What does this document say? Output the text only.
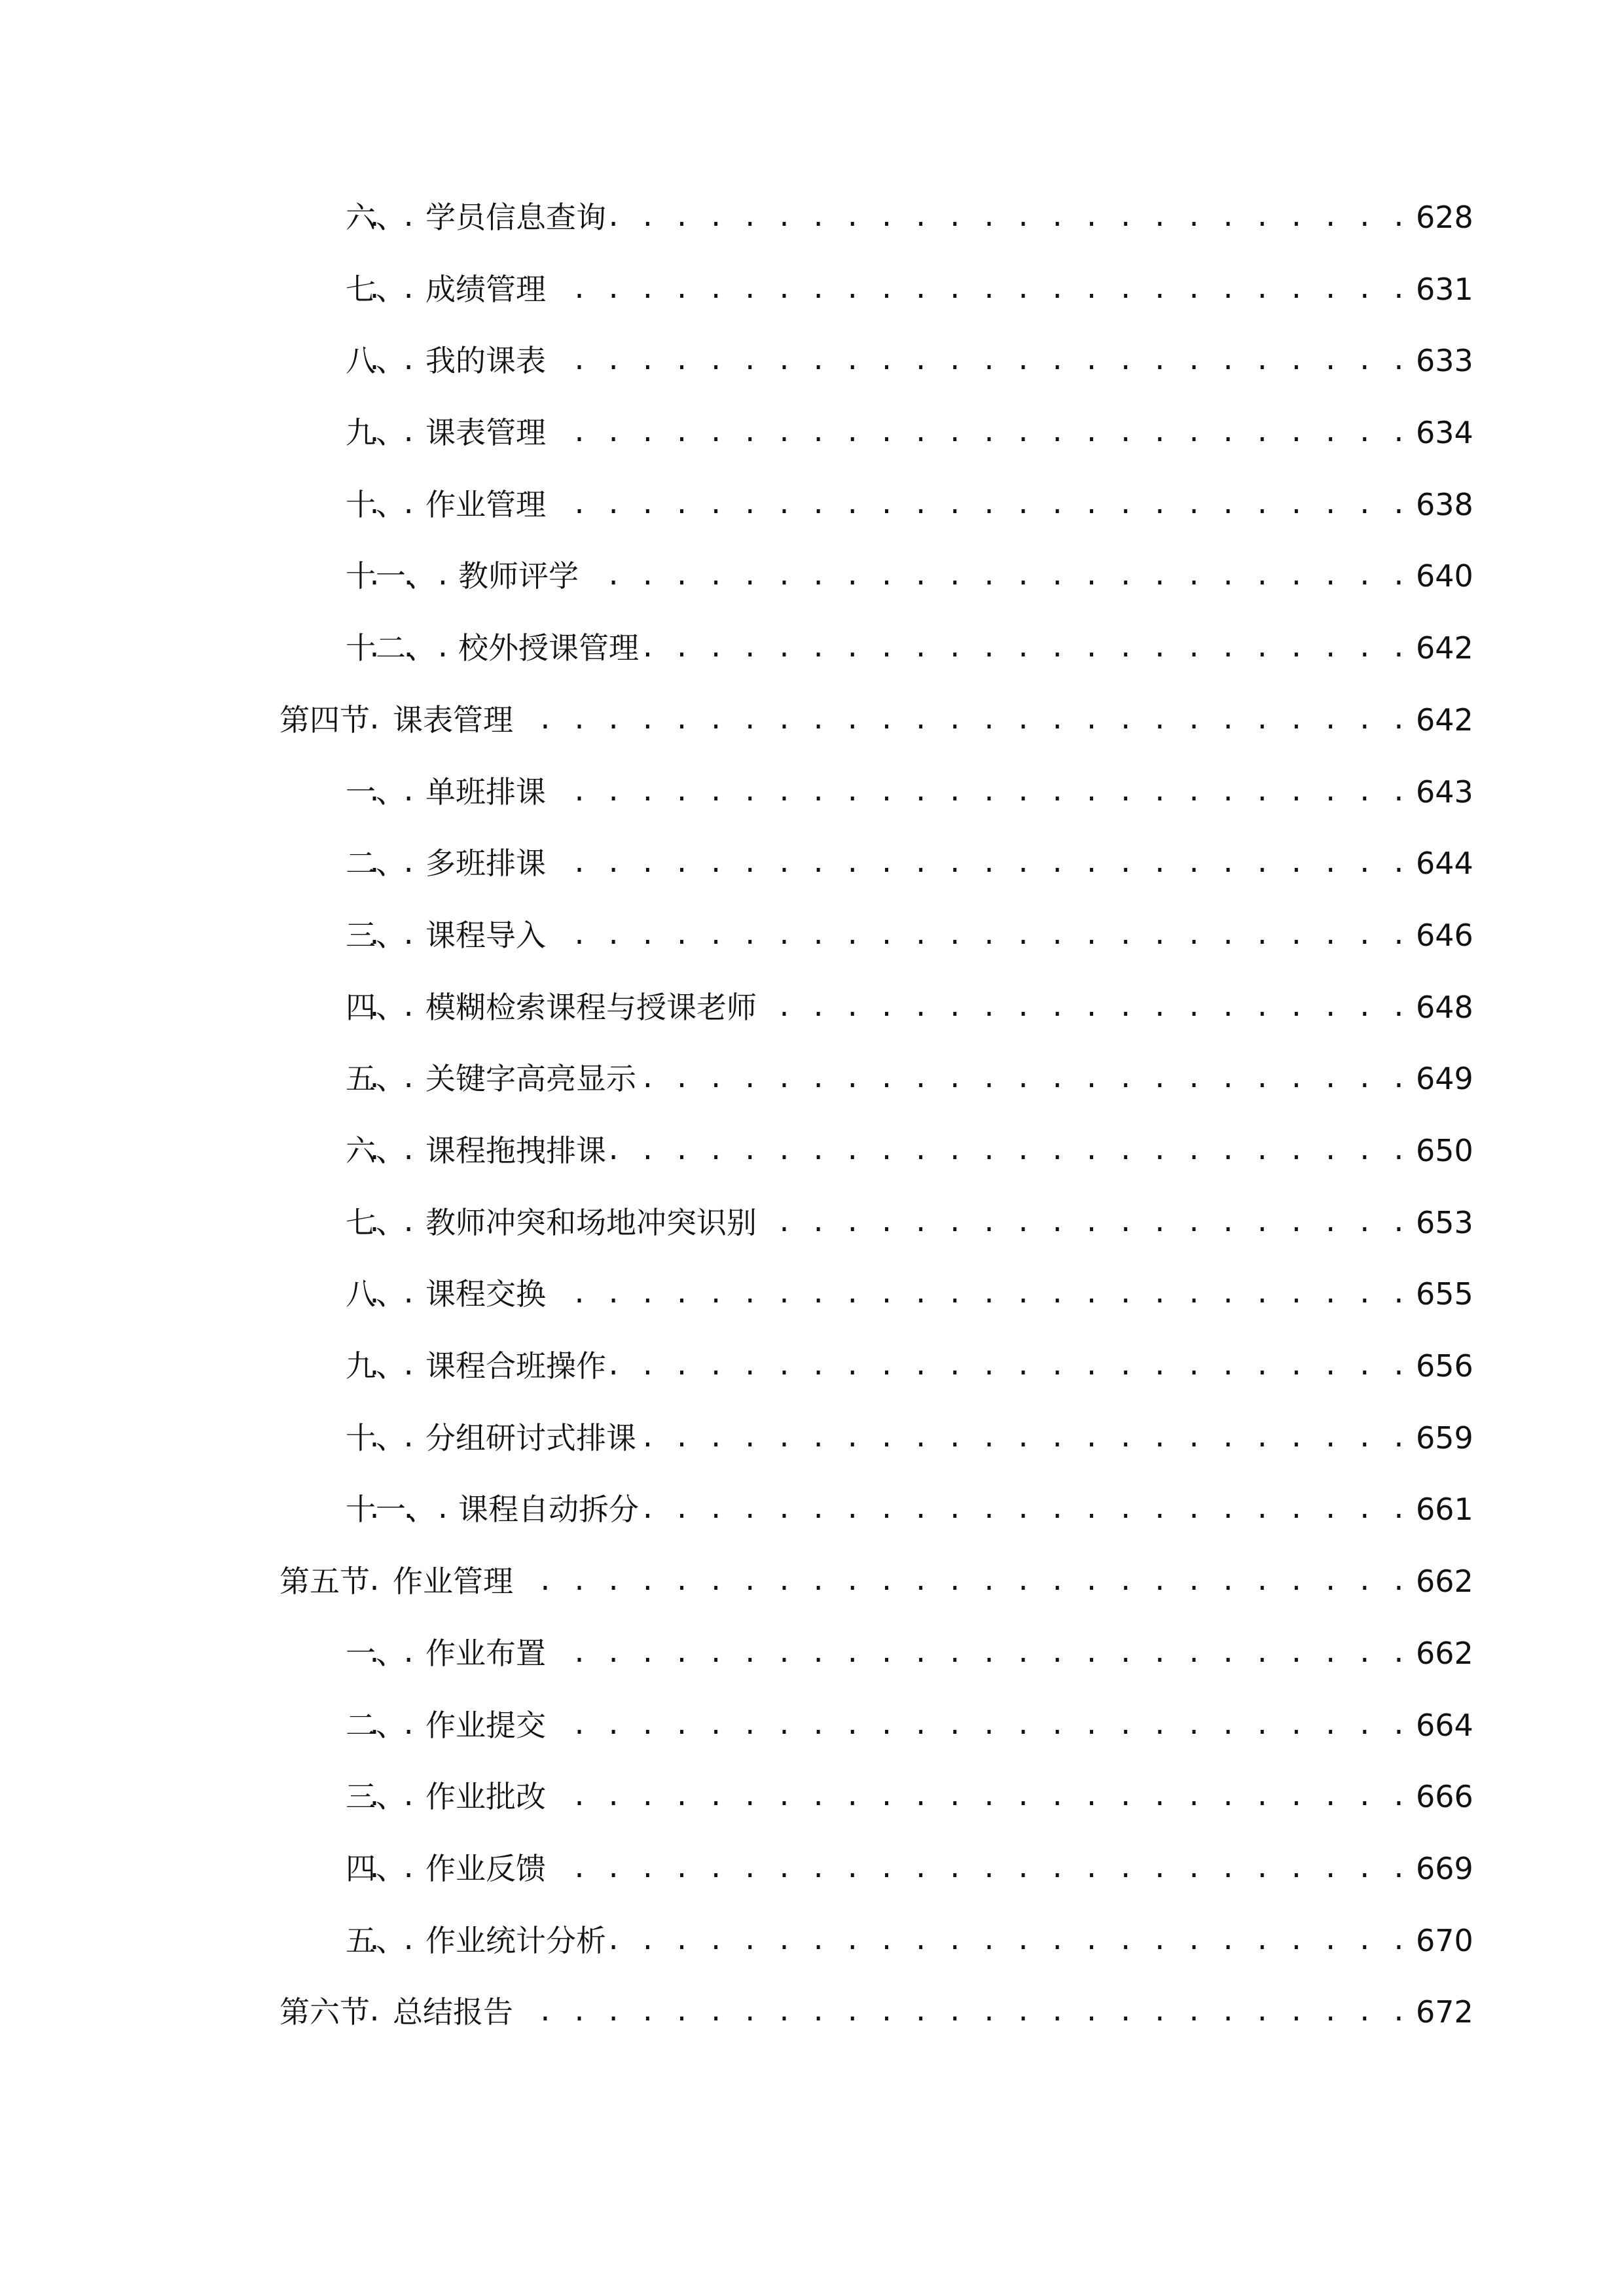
六、 . . . 学员信息查询	628
七、 . . . 成绩管理	631
八、 . . . 我的课表	633
九、 . . . 课表管理	634
十、 . . . 作业管理	638
十一、 . . . 教师评学	640
十二、 . . . 校外授课管理	642
第四节 . . . 课表管理	642
一、 . . . 单班排课	643
二、 . . . 多班排课	644
三、 . . . 课程导入	646
四、 . . . 模糊检索课程与授课老师	648
五、 . . . 关键字高亮显示	649
六、 . . . 课程拖拽排课	650
七、 . . . 教师冲突和场地冲突识别	653
八、 . . . 课程交换	655
九、 . . . 课程合班操作	656
十、 . . . 分组研讨式排课	659
十一、 . . . 课程自动拆分	661
第五节 . . . 作业管理	662
一、 . . . 作业布置	662
二、 . . . 作业提交	664
三、 . . . 作业批改	666
四、 . . . 作业反馈	669
五、 . . . 作业统计分析	670
第六节 . . . 总结报告	672
